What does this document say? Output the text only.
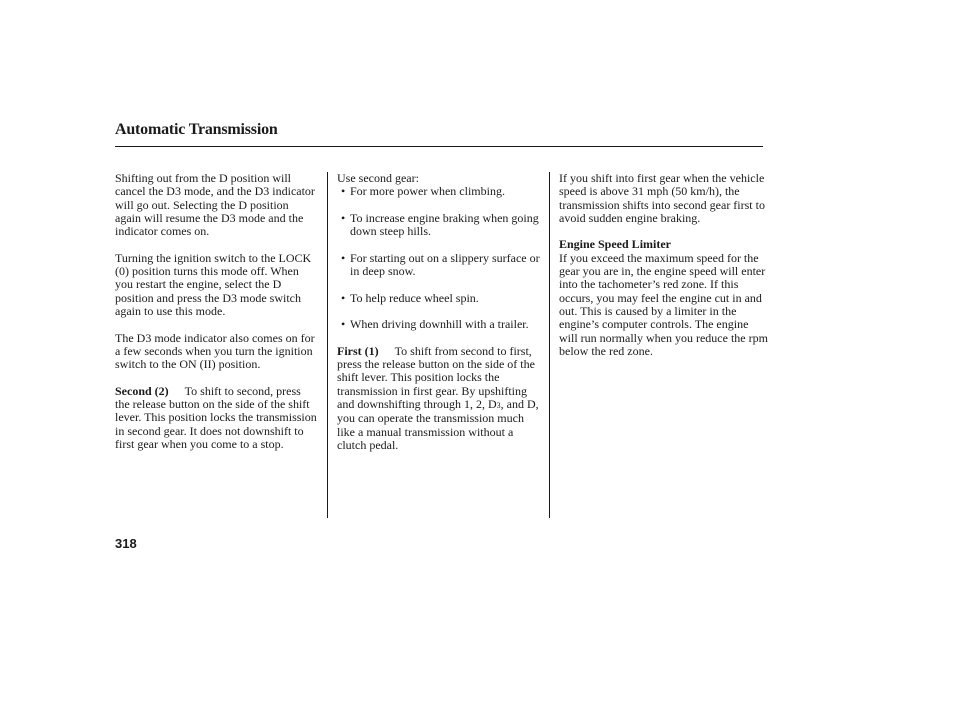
Automatic Transmission

Shifting out from the D position will cancel the D3 mode, and the D3 indicator will go out. Selecting the D position again will resume the D3 mode and the indicator comes on.

Turning the ignition switch to the LOCK (0) position turns this mode off. When you restart the engine, select the D position and press the D3 mode switch again to use this mode.

The D3 mode indicator also comes on for a few seconds when you turn the ignition switch to the ON (II) position.

Second (2) To shift to second, press the release button on the side of the shift lever. This position locks the transmission in second gear. It does not downshift to first gear when you come to a stop.

Use second gear:
• For more power when climbing.
• To increase engine braking when going down steep hills.
• For starting out on a slippery surface or in deep snow.
• To help reduce wheel spin.
• When driving downhill with a trailer.

First (1) To shift from second to first, press the release button on the side of the shift lever. This position locks the transmission in first gear. By upshifting and downshifting through 1, 2, D3, and D, you can operate the transmission much like a manual transmission without a clutch pedal.

If you shift into first gear when the vehicle speed is above 31 mph (50 km/h), the transmission shifts into second gear first to avoid sudden engine braking.

Engine Speed Limiter

If you exceed the maximum speed for the gear you are in, the engine speed will enter into the tachometer’s red zone. If this occurs, you may feel the engine cut in and out. This is caused by a limiter in the engine’s computer controls. The engine will run normally when you reduce the rpm below the red zone.

318
